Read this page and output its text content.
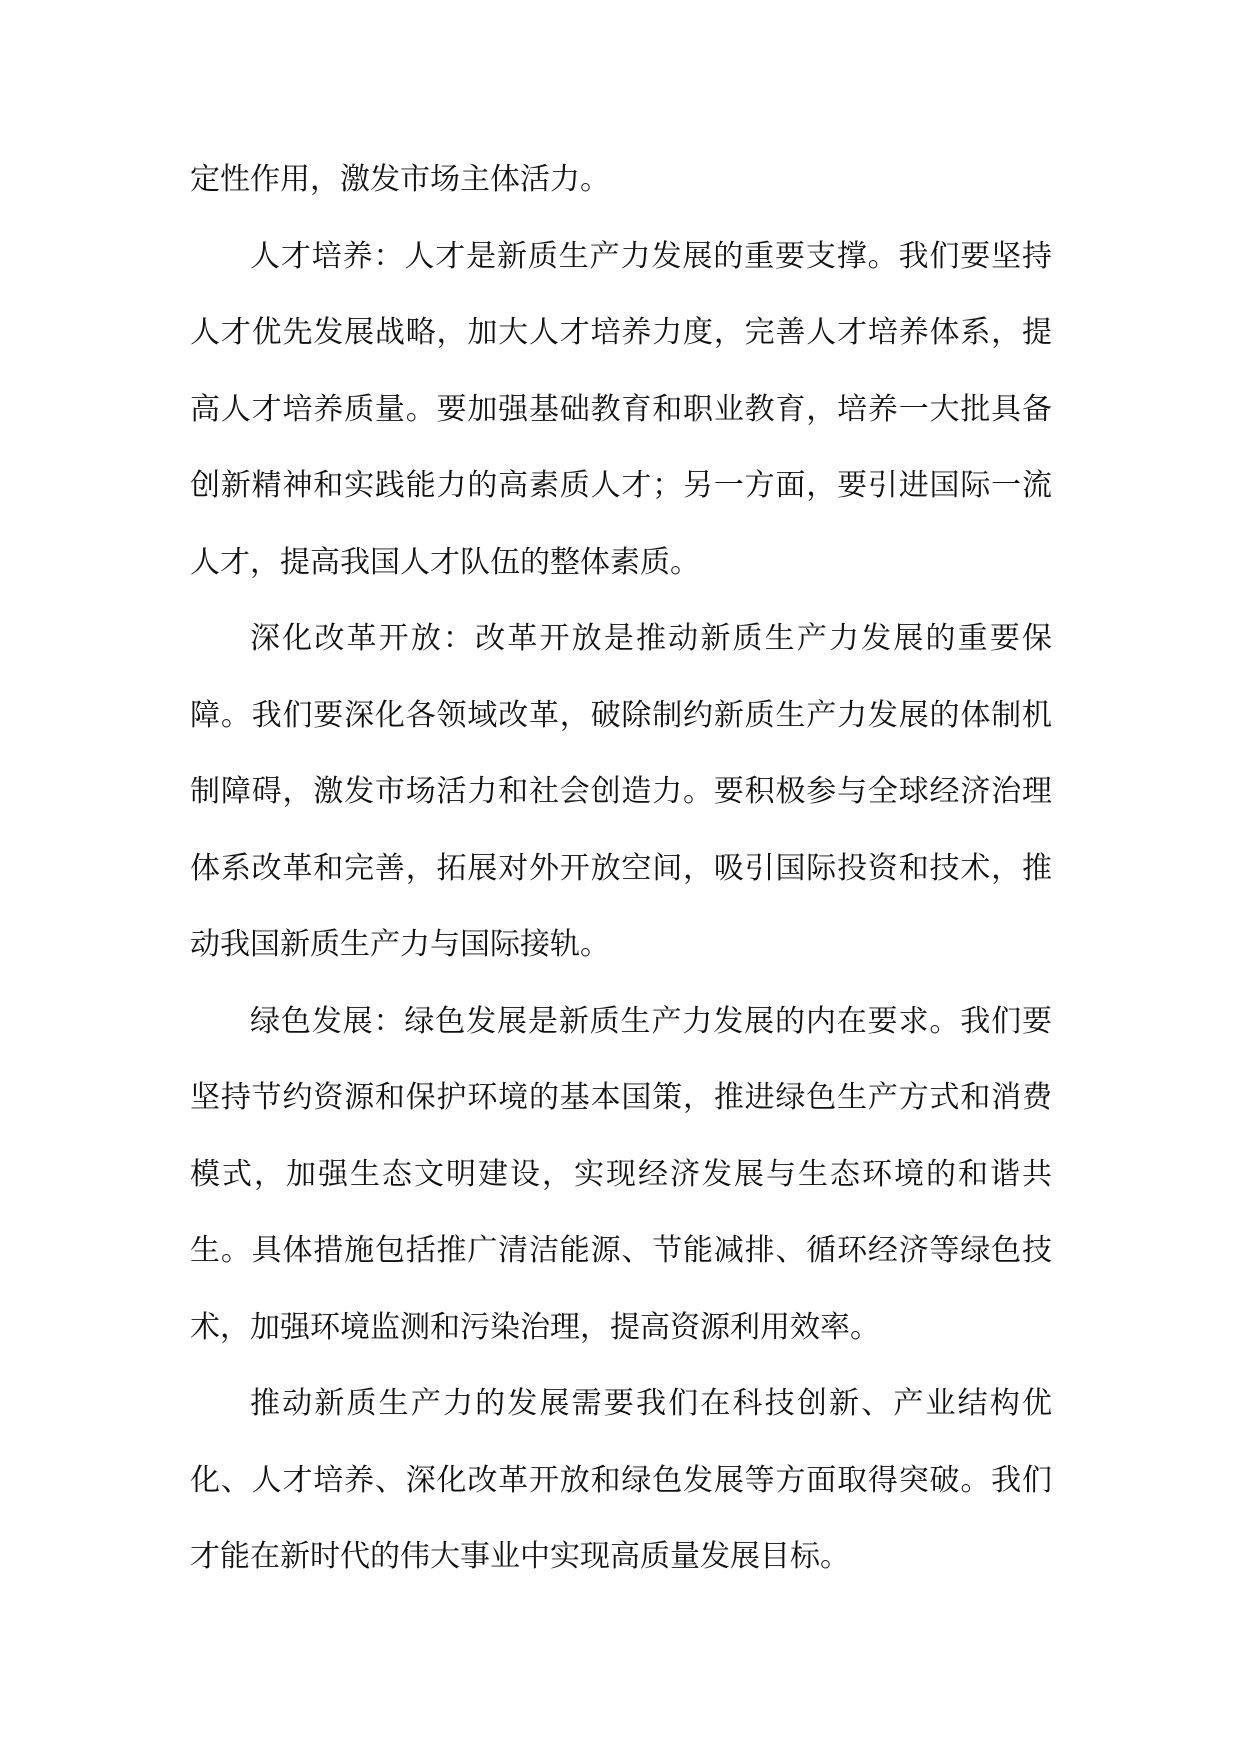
定性作用，激发市场主体活力。

人才培养：人才是新质生产力发展的重要支撑。我们要坚持人才优先发展战略，加大人才培养力度，完善人才培养体系，提高人才培养质量。要加强基础教育和职业教育，培养一大批具备创新精神和实践能力的高素质人才；另一方面，要引进国际一流人才，提高我国人才队伍的整体素质。

深化改革开放：改革开放是推动新质生产力发展的重要保障。我们要深化各领域改革，破除制约新质生产力发展的体制机制障碍，激发市场活力和社会创造力。要积极参与全球经济治理体系改革和完善，拓展对外开放空间，吸引国际投资和技术，推动我国新质生产力与国际接轨。

绿色发展：绿色发展是新质生产力发展的内在要求。我们要坚持节约资源和保护环境的基本国策，推进绿色生产方式和消费模式，加强生态文明建设，实现经济发展与生态环境的和谐共生。具体措施包括推广清洁能源、节能减排、循环经济等绿色技术，加强环境监测和污染治理，提高资源利用效率。

推动新质生产力的发展需要我们在科技创新、产业结构优化、人才培养、深化改革开放和绿色发展等方面取得突破。我们才能在新时代的伟大事业中实现高质量发展目标。
